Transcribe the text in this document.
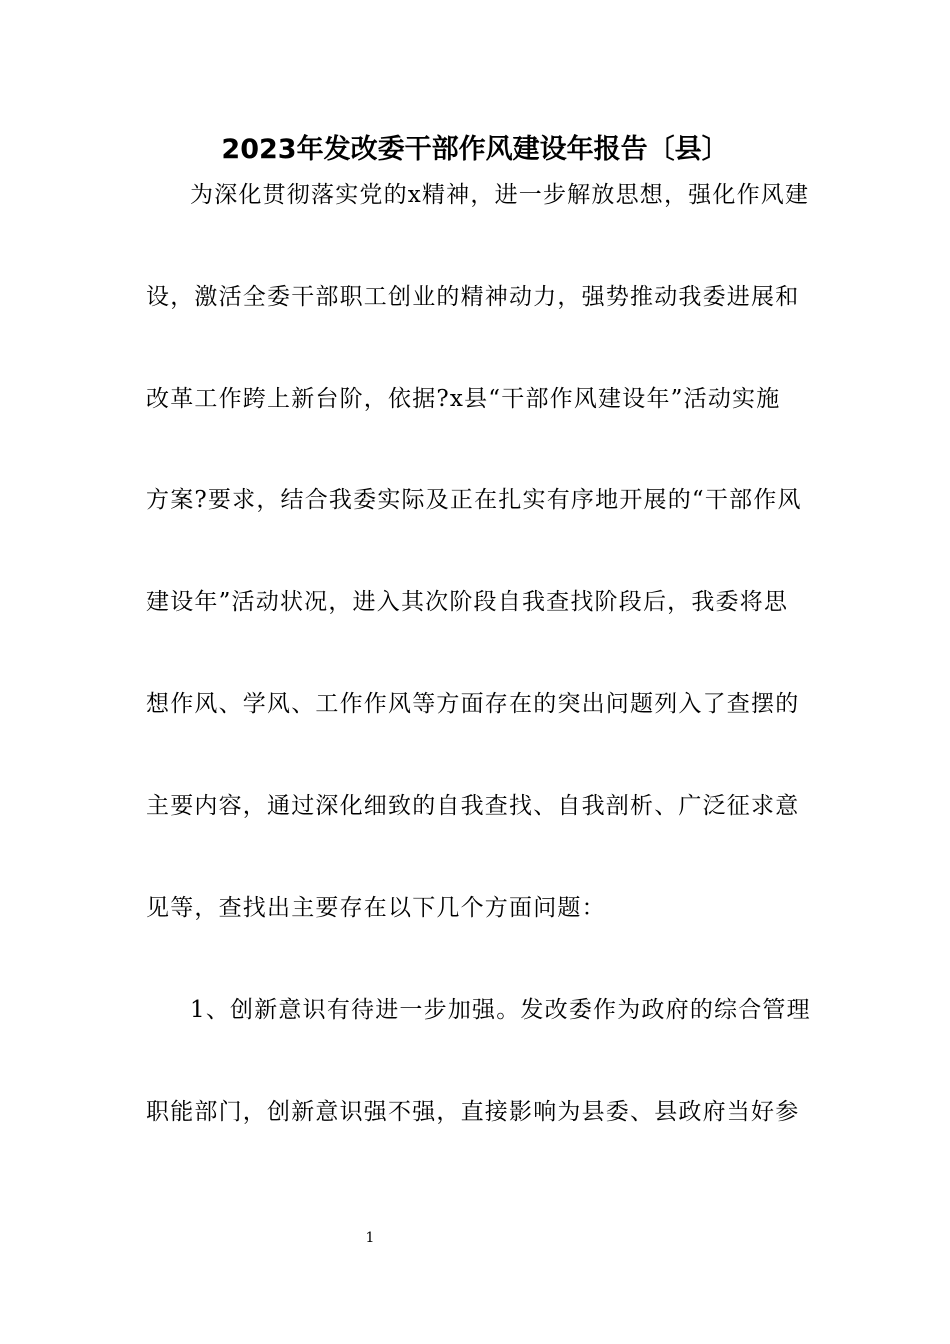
2023年发改委干部作风建设年报告〔县〕

为深化贯彻落实党的x精神，进一步解放思想，强化作风建

设，激活全委干部职工创业的精神动力，强势推动我委进展和

改革工作跨上新台阶，依据?x县“干部作风建设年”活动实施

方案?要求，结合我委实际及正在扎实有序地开展的“干部作风

建设年”活动状况，进入其次阶段自我查找阶段后，我委将思

想作风、学风、工作作风等方面存在的突出问题列入了查摆的

主要内容，通过深化细致的自我查找、自我剖析、广泛征求意

见等，查找出主要存在以下几个方面问题：

1、创新意识有待进一步加强。发改委作为政府的综合管理

职能部门，创新意识强不强，直接影响为县委、县政府当好参

1
